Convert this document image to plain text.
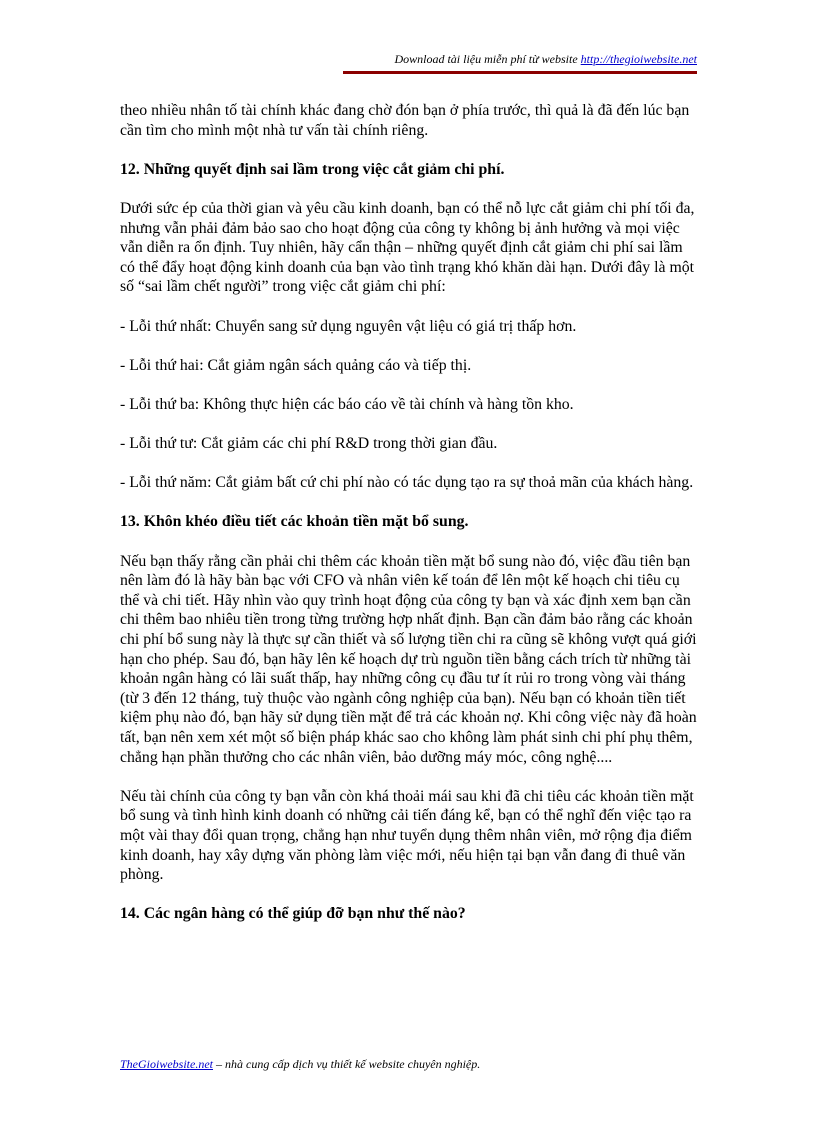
Download tài liệu miễn phí từ website http://thegioiwebsite.net

theo nhiều nhân tố tài chính khác đang chờ đón bạn ở phía trước, thì quả là đã đến lúc bạn cần tìm cho mình một nhà tư vấn tài chính riêng.

12. Những quyết định sai lầm trong việc cắt giảm chi phí.

Dưới sức ép của thời gian và yêu cầu kinh doanh, bạn có thể nỗ lực cắt giảm chi phí tối đa, nhưng vẫn phải đảm bảo sao cho hoạt động của công ty không bị ảnh hưởng và mọi việc vẫn diễn ra ổn định. Tuy nhiên, hãy cẩn thận – những quyết định cắt giảm chi phí sai lầm có thể đẩy hoạt động kinh doanh của bạn vào tình trạng khó khăn dài hạn. Dưới đây là một số “sai lầm chết người” trong việc cắt giảm chi phí:

- Lỗi thứ nhất: Chuyển sang sử dụng nguyên vật liệu có giá trị thấp hơn.

- Lỗi thứ hai: Cắt giảm ngân sách quảng cáo và tiếp thị.

- Lỗi thứ ba: Không thực hiện các báo cáo về tài chính và hàng tồn kho.

- Lỗi thứ tư: Cắt giảm các chi phí R&D trong thời gian đầu.

- Lỗi thứ năm: Cắt giảm bất cứ chi phí nào có tác dụng tạo ra sự thoả mãn của khách hàng.

13. Khôn khéo điều tiết các khoản tiền mặt bổ sung.

Nếu bạn thấy rằng cần phải chi thêm các khoản tiền mặt bổ sung nào đó, việc đầu tiên bạn nên làm đó là hãy bàn bạc với CFO và nhân viên kế toán để lên một kế hoạch chi tiêu cụ thể và chi tiết. Hãy nhìn vào quy trình hoạt động của công ty bạn và xác định xem bạn cần chi thêm bao nhiêu tiền trong từng trường hợp nhất định. Bạn cần đảm bảo rằng các khoản chi phí bổ sung này là thực sự cần thiết và số lượng tiền chi ra cũng sẽ không vượt quá giới hạn cho phép. Sau đó, bạn hãy lên kế hoạch dự trù nguồn tiền bằng cách trích từ những tài khoản ngân hàng có lãi suất thấp, hay những công cụ đầu tư ít rủi ro trong vòng vài tháng (từ 3 đến 12 tháng, tuỳ thuộc vào ngành công nghiệp của bạn). Nếu bạn có khoản tiền tiết kiệm phụ nào đó, bạn hãy sử dụng tiền mặt để trả các khoản nợ. Khi công việc này đã hoàn tất, bạn nên xem xét một số biện pháp khác sao cho không làm phát sinh chi phí phụ thêm, chẳng hạn phần thưởng cho các nhân viên, bảo dưỡng máy móc, công nghệ....

Nếu tài chính của công ty bạn vẫn còn khá thoải mái sau khi đã chi tiêu các khoản tiền mặt bổ sung và tình hình kinh doanh có những cải tiến đáng kể, bạn có thể nghĩ đến việc tạo ra một vài thay đổi quan trọng, chẳng hạn như tuyển dụng thêm nhân viên, mở rộng địa điểm kinh doanh, hay xây dựng văn phòng làm việc mới, nếu hiện tại bạn vẫn đang đi thuê văn phòng.

14. Các ngân hàng có thể giúp đỡ bạn như thế nào?

TheGioiwebsite.net – nhà cung cấp dịch vụ thiết kế website chuyên nghiệp.
